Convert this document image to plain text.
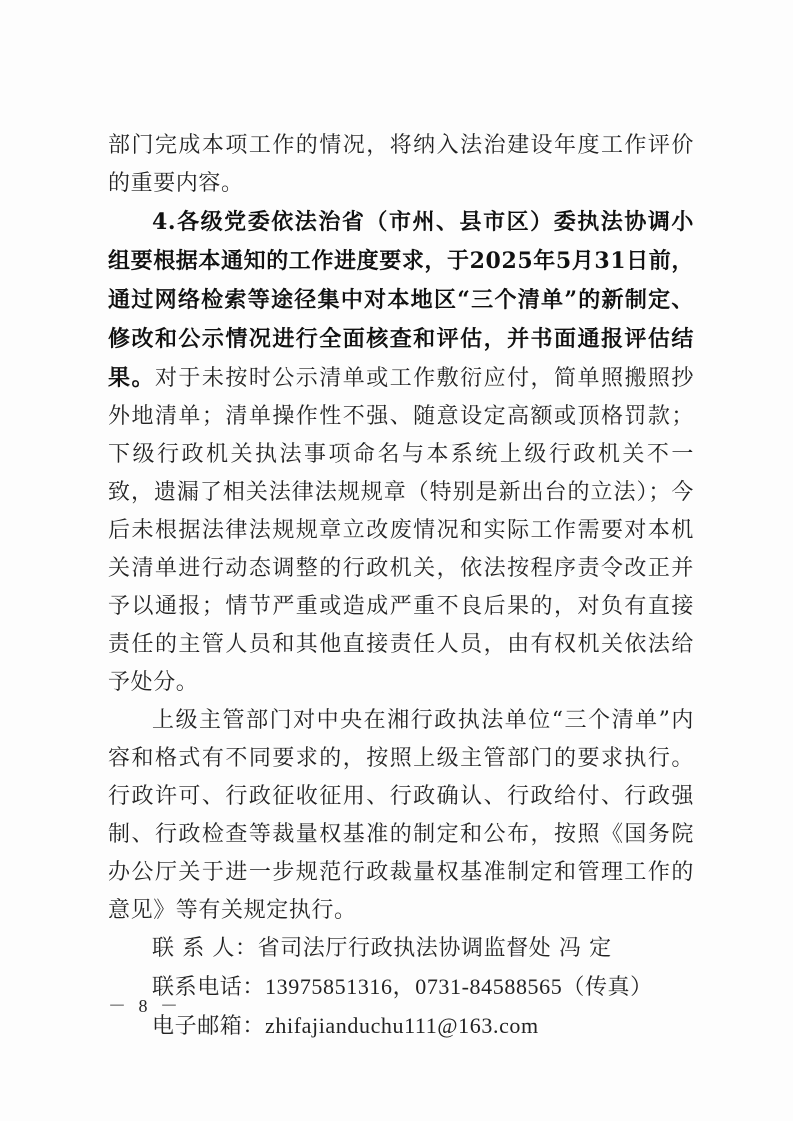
部门完成本项工作的情况，将纳入法治建设年度工作评价的重要内容。

4.各级党委依法治省（市州、县市区）委执法协调小组要根据本通知的工作进度要求，于2025年5月31日前，通过网络检索等途径集中对本地区“三个清单”的新制定、修改和公示情况进行全面核查和评估，并书面通报评估结果。对于未按时公示清单或工作敷衍应付，简单照搬照抄外地清单；清单操作性不强、随意设定高额或顶格罚款；下级行政机关执法事项命名与本系统上级行政机关不一致，遗漏了相关法律法规规章（特别是新出台的立法）；今后未根据法律法规规章立改废情况和实际工作需要对本机关清单进行动态调整的行政机关，依法按程序责令改正并予以通报；情节严重或造成严重不良后果的，对负有直接责任的主管人员和其他直接责任人员，由有权机关依法给予处分。

上级主管部门对中央在湘行政执法单位“三个清单”内容和格式有不同要求的，按照上级主管部门的要求执行。行政许可、行政征收征用、行政确认、行政给付、行政强制、行政检查等裁量权基准的制定和公布，按照《国务院办公厅关于进一步规范行政裁量权基准制定和管理工作的意见》等有关规定执行。

联 系 人：省司法厅行政执法协调监督处 冯 定

联系电话：13975851316，0731-84588565（传真）

电子邮箱：zhifajianduchu111@163.com

－ 8 －
